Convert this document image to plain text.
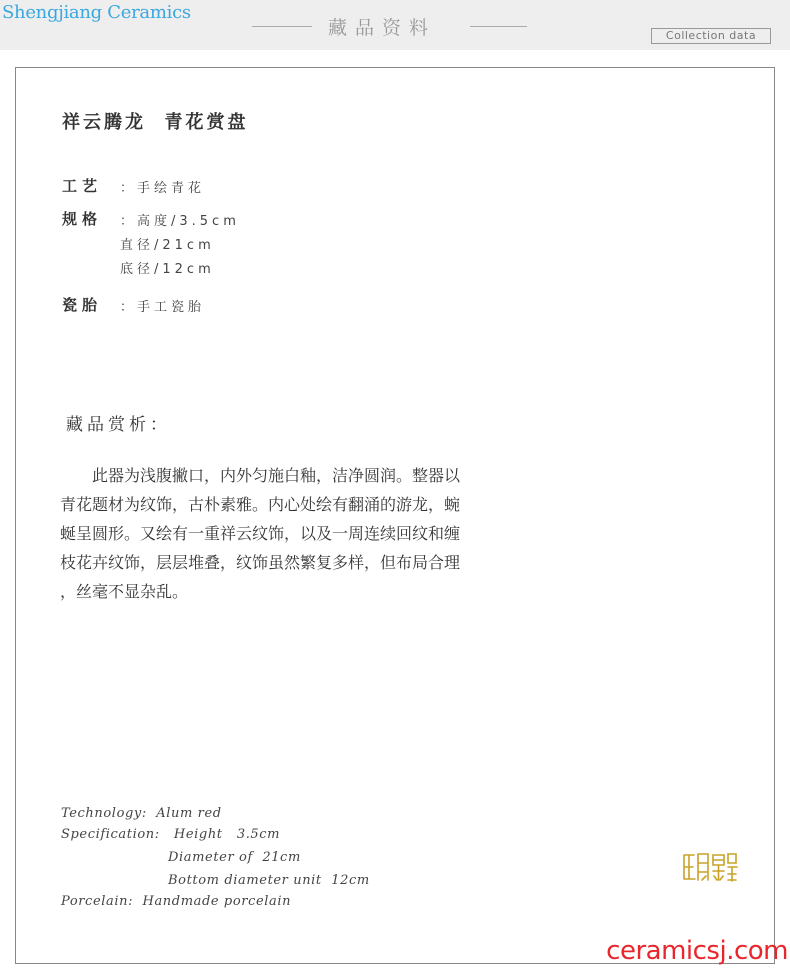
Shengjiang Ceramics
藏品资料	Collection data
祥云腾龙  青花赏盘
工艺 ：手绘青花
规格 ：高度/3.5cm
直径/21cm
底径/12cm
瓷胎 ：手工瓷胎
藏品赏析：

　　此器为浅腹撇口，内外匀施白釉，洁净圆润。整器以

青花题材为纹饰，古朴素雅。内心处绘有翻涌的游龙，蜿

蜒呈圆形。又绘有一重祥云纹饰，以及一周连续回纹和缠

枝花卉纹饰，层层堆叠，纹饰虽然繁复多样，但布局合理

，丝毫不显杂乱。

Technology:  Alum red
Specification:   Height   3.5cm
Diameter of  21cm
Bottom diameter unit  12cm
Porcelain:  Handmade porcelain
ceramicsj.com
